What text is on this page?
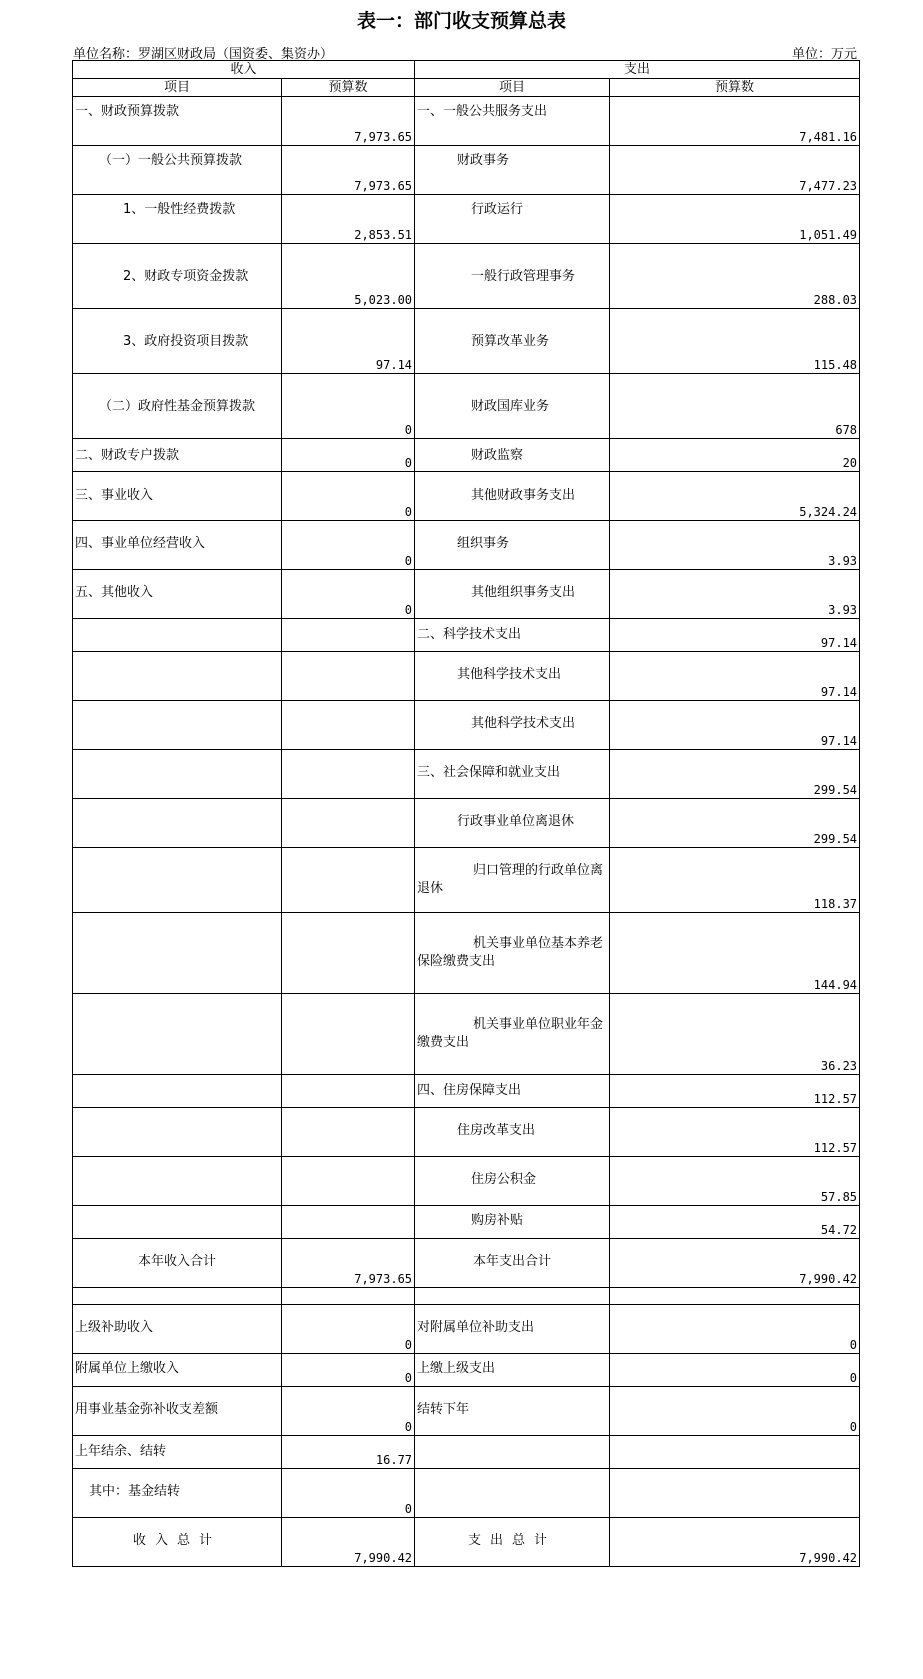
表一：部门收支预算总表
单位名称：罗湖区财政局（国资委、集资办）	单位：万元
收入		支出	
项目	预算数	项目	预算数
一、财政预算拨款	7,973.65	一、一般公共服务支出	7,481.16
（一）一般公共预算拨款	7,973.65	财政事务	7,477.23
1、一般性经费拨款	2,853.51	行政运行	1,051.49
2、财政专项资金拨款	5,023.00	一般行政管理事务	288.03
3、政府投资项目拨款	97.14	预算改革业务	115.48
（二）政府性基金预算拨款	0	财政国库业务	678
二、财政专户拨款	0	财政监察	20
三、事业收入	0	其他财政事务支出	5,324.24
四、事业单位经营收入	0	组织事务	3.93
五、其他收入	0	其他组织事务支出	3.93
		二、科学技术支出	97.14
		其他科学技术支出	97.14
		其他科学技术支出	97.14
		三、社会保障和就业支出	299.54
		行政事业单位离退休	299.54
		归口管理的行政单位离退休	118.37
		机关事业单位基本养老保险缴费支出	144.94
		机关事业单位职业年金缴费支出	36.23
		四、住房保障支出	112.57
		住房改革支出	112.57
		住房公积金	57.85
		购房补贴	54.72
本年收入合计	7,973.65	本年支出合计	7,990.42

上级补助收入	0	对附属单位补助支出	0
附属单位上缴收入	0	上缴上级支出	0
用事业基金弥补收支差额	0	结转下年	0
上年结余、结转	16.77		
其中：基金结转	0		
收入总计	7,990.42	支出总计	7,990.42
